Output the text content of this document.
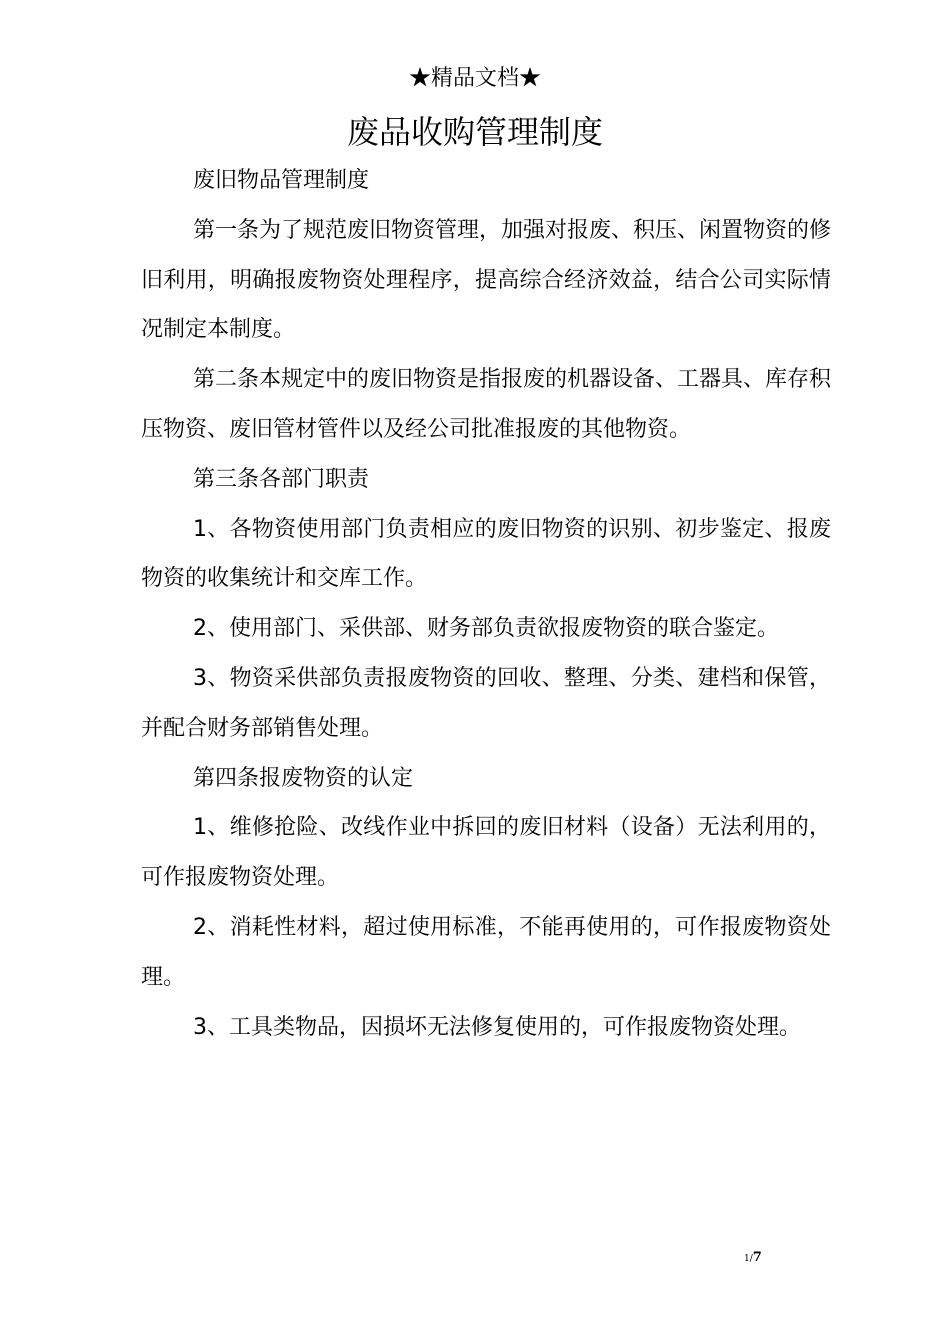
★精品文档★
废品收购管理制度

废旧物品管理制度

第一条为了规范废旧物资管理，加强对报废、积压、闲置物资的修旧利用，明确报废物资处理程序，提高综合经济效益，结合公司实际情况制定本制度。

第二条本规定中的废旧物资是指报废的机器设备、工器具、库存积压物资、废旧管材管件以及经公司批准报废的其他物资。

第三条各部门职责

1、各物资使用部门负责相应的废旧物资的识别、初步鉴定、报废物资的收集统计和交库工作。

2、使用部门、采供部、财务部负责欲报废物资的联合鉴定。

3、物资采供部负责报废物资的回收、整理、分类、建档和保管，并配合财务部销售处理。

第四条报废物资的认定

1、维修抢险、改线作业中拆回的废旧材料（设备）无法利用的，可作报废物资处理。

2、消耗性材料，超过使用标准，不能再使用的，可作报废物资处理。

3、工具类物品，因损坏无法修复使用的，可作报废物资处理。

1/7
